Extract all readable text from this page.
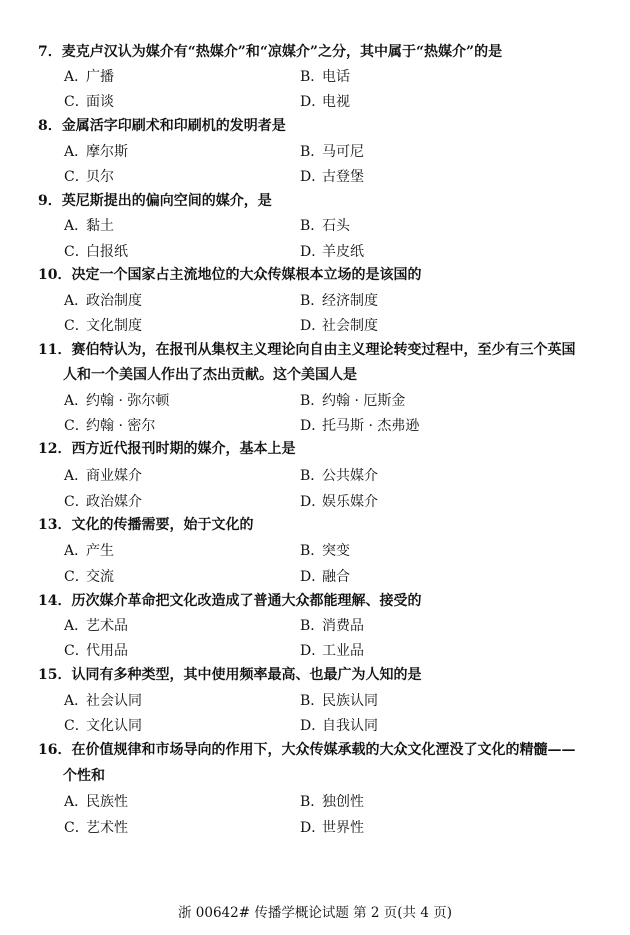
7．麦克卢汉认为媒介有“热媒介”和“凉媒介”之分，其中属于“热媒介”的是
A．广播	B．电话
C．面谈	D．电视
8．金属活字印刷术和印刷机的发明者是
A．摩尔斯	B．马可尼
C．贝尔	D．古登堡
9．英尼斯提出的偏向空间的媒介，是
A．黏土	B．石头
C．白报纸	D．羊皮纸
10．决定一个国家占主流地位的大众传媒根本立场的是该国的
A．政治制度	B．经济制度
C．文化制度	D．社会制度
11．赛伯特认为，在报刊从集权主义理论向自由主义理论转变过程中，至少有三个英国
人和一个美国人作出了杰出贡献。这个美国人是
A．约翰 · 弥尔顿	B．约翰 · 厄斯金
C．约翰 · 密尔	D．托马斯 · 杰弗逊
12．西方近代报刊时期的媒介，基本上是
A．商业媒介	B．公共媒介
C．政治媒介	D．娱乐媒介
13．文化的传播需要，始于文化的
A．产生	B．突变
C．交流	D．融合
14．历次媒介革命把文化改造成了普通大众都能理解、接受的
A．艺术品	B．消费品
C．代用品	D．工业品
15．认同有多种类型，其中使用频率最高、也最广为人知的是
A．社会认同	B．民族认同
C．文化认同	D．自我认同
16．在价值规律和市场导向的作用下，大众传媒承载的大众文化湮没了文化的精髓——
个性和
A．民族性	B．独创性
C．艺术性	D．世界性
浙 00642# 传播学概论试题 第 2 页(共 4 页)
